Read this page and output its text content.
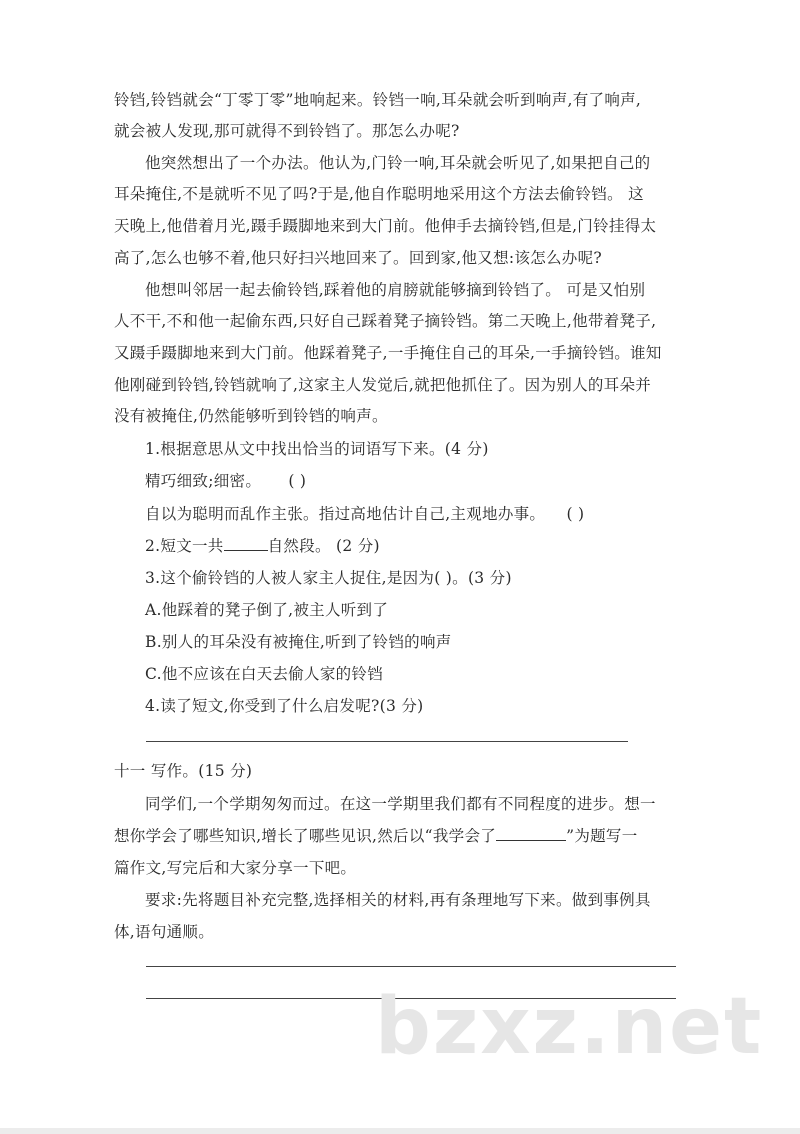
铃铛,铃铛就会“丁零丁零”地响起来。铃铛一响,耳朵就会听到响声,有了响声,
就会被人发现,那可就得不到铃铛了。那怎么办呢?
他突然想出了一个办法。他认为,门铃一响,耳朵就会听见了,如果把自己的
耳朵掩住,不是就听不见了吗?于是,他自作聪明地采用这个方法去偷铃铛。 这
天晚上,他借着月光,蹑手蹑脚地来到大门前。他伸手去摘铃铛,但是,门铃挂得太
高了,怎么也够不着,他只好扫兴地回来了。回到家,他又想:该怎么办呢?
他想叫邻居一起去偷铃铛,踩着他的肩膀就能够摘到铃铛了。 可是又怕别
人不干,不和他一起偷东西,只好自己踩着凳子摘铃铛。第二天晚上,他带着凳子,
又蹑手蹑脚地来到大门前。他踩着凳子,一手掩住自己的耳朵,一手摘铃铛。谁知
他刚碰到铃铛,铃铛就响了,这家主人发觉后,就把他抓住了。因为别人的耳朵并
没有被掩住,仍然能够听到铃铛的响声。
1.根据意思从文中找出恰当的词语写下来。(4 分)
精巧细致;细密。 ( )
自以为聪明而乱作主张。指过高地估计自己,主观地办事。 ( )
2.短文一共	自然段。 (2 分)
3.这个偷铃铛的人被人家主人捉住,是因为( )。(3 分)
A.他踩着的凳子倒了,被主人听到了
B.别人的耳朵没有被掩住,听到了铃铛的响声
C.他不应该在白天去偷人家的铃铛
4.读了短文,你受到了什么启发呢?(3 分)
十一 写作。(15 分)
同学们,一个学期匆匆而过。在这一学期里我们都有不同程度的进步。想一
想你学会了哪些知识,增长了哪些见识,然后以“我学会了	”为题写一
篇作文,写完后和大家分享一下吧。
要求:先将题目补充完整,选择相关的材料,再有条理地写下来。做到事例具
体,语句通顺。
bzxz.net
